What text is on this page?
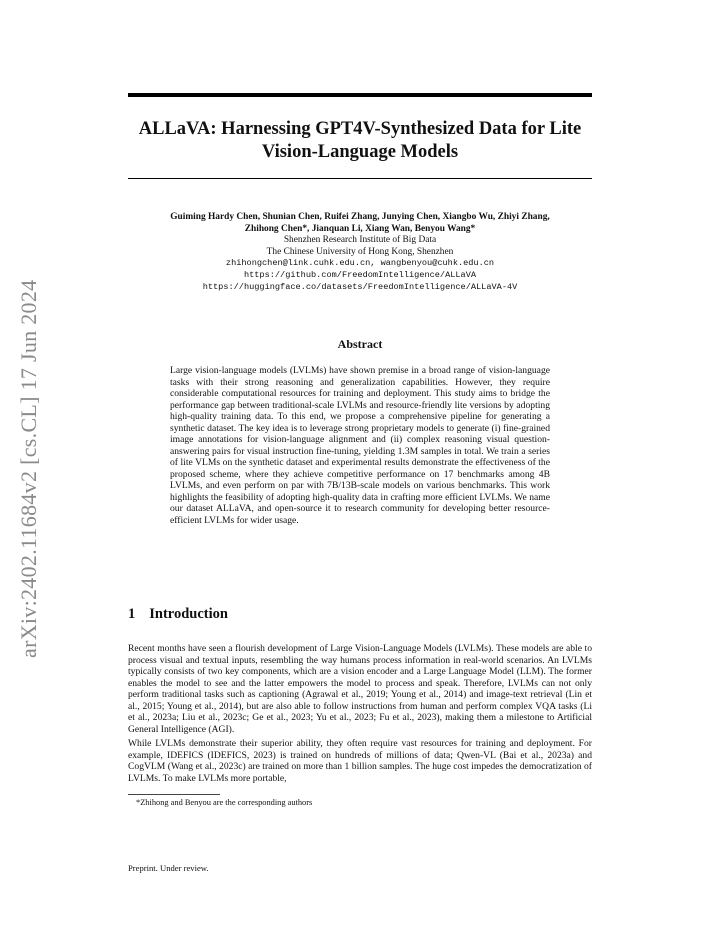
arXiv:2402.11684v2 [cs.CL] 17 Jun 2024
ALLaVA: Harnessing GPT4V-Synthesized Data for Lite Vision-Language Models
Guiming Hardy Chen, Shunian Chen, Ruifei Zhang, Junying Chen, Xiangbo Wu, Zhiyi Zhang,
Zhihong Chen*, Jianquan Li, Xiang Wan, Benyou Wang*
Shenzhen Research Institute of Big Data
The Chinese University of Hong Kong, Shenzhen
zhihongchen@link.cuhk.edu.cn, wangbenyou@cuhk.edu.cn
https://github.com/FreedomIntelligence/ALLaVA
https://huggingface.co/datasets/FreedomIntelligence/ALLaVA-4V
Abstract
Large vision-language models (LVLMs) have shown premise in a broad range of vision-language tasks with their strong reasoning and generalization capabilities. However, they require considerable computational resources for training and deployment. This study aims to bridge the performance gap between traditional-scale LVLMs and resource-friendly lite versions by adopting high-quality training data. To this end, we propose a comprehensive pipeline for generating a synthetic dataset. The key idea is to leverage strong proprietary models to generate (i) fine-grained image annotations for vision-language alignment and (ii) complex reasoning visual question-answering pairs for visual instruction fine-tuning, yielding 1.3M samples in total. We train a series of lite VLMs on the synthetic dataset and experimental results demonstrate the effectiveness of the proposed scheme, where they achieve competitive performance on 17 benchmarks among 4B LVLMs, and even perform on par with 7B/13B-scale models on various benchmarks. This work highlights the feasibility of adopting high-quality data in crafting more efficient LVLMs. We name our dataset ALLaVA, and open-source it to research community for developing better resource-efficient LVLMs for wider usage.
1 Introduction
Recent months have seen a flourish development of Large Vision-Language Models (LVLMs). These models are able to process visual and textual inputs, resembling the way humans process information in real-world scenarios. An LVLMs typically consists of two key components, which are a vision encoder and a Large Language Model (LLM). The former enables the model to see and the latter empowers the model to process and speak. Therefore, LVLMs can not only perform traditional tasks such as captioning (Agrawal et al., 2019; Young et al., 2014) and image-text retrieval (Lin et al., 2015; Young et al., 2014), but are also able to follow instructions from human and perform complex VQA tasks (Li et al., 2023a; Liu et al., 2023c; Ge et al., 2023; Yu et al., 2023; Fu et al., 2023), making them a milestone to Artificial General Intelligence (AGI).
While LVLMs demonstrate their superior ability, they often require vast resources for training and deployment. For example, IDEFICS (IDEFICS, 2023) is trained on hundreds of millions of data; Qwen-VL (Bai et al., 2023a) and CogVLM (Wang et al., 2023c) are trained on more than 1 billion samples. The huge cost impedes the democratization of LVLMs. To make LVLMs more portable,
*Zhihong and Benyou are the corresponding authors
Preprint. Under review.
